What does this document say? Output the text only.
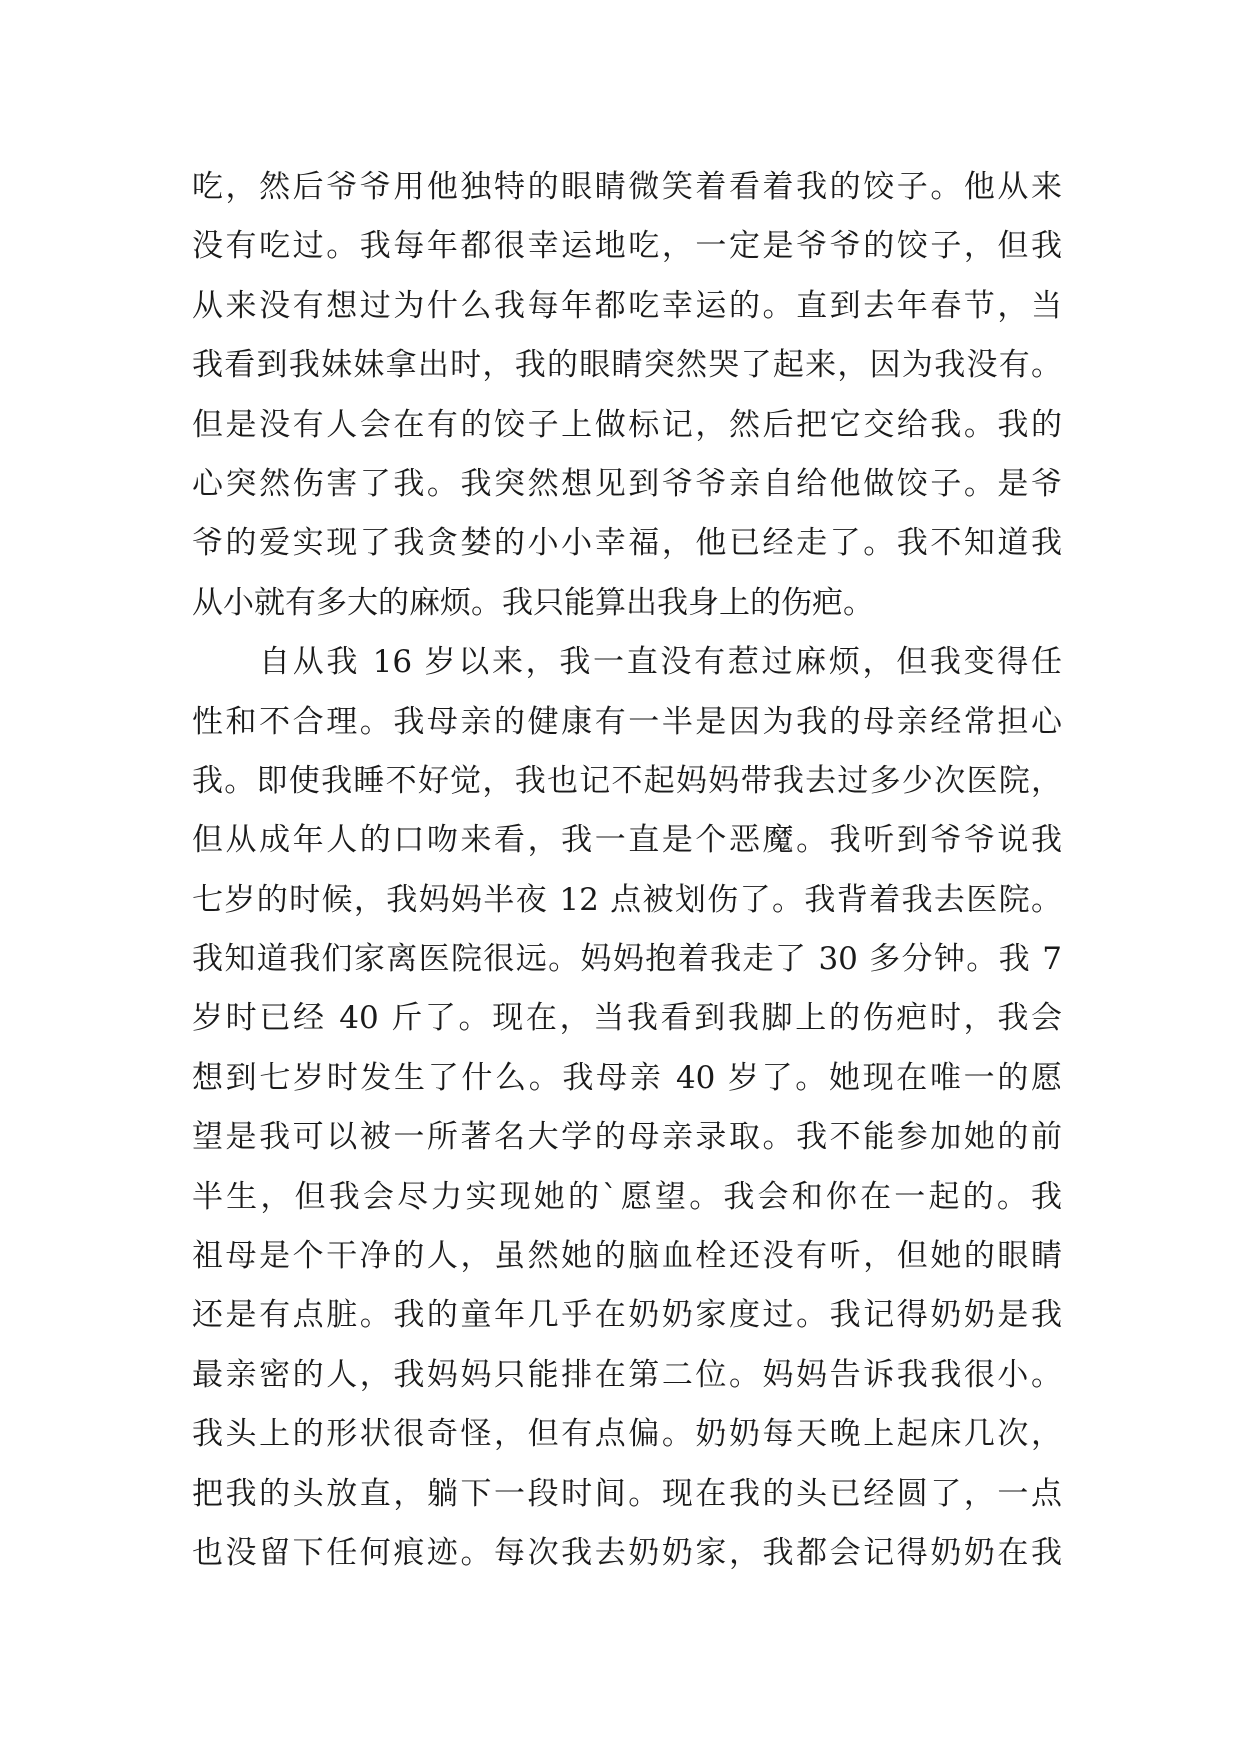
吃，然后爷爷用他独特的眼睛微笑着看着我的饺子。他从来
没有吃过。我每年都很幸运地吃，一定是爷爷的饺子，但我
从来没有想过为什么我每年都吃幸运的。直到去年春节，当
我看到我妹妹拿出时，我的眼睛突然哭了起来，因为我没有。
但是没有人会在有的饺子上做标记，然后把它交给我。我的
心突然伤害了我。我突然想见到爷爷亲自给他做饺子。是爷
爷的爱实现了我贪婪的小小幸福，他已经走了。我不知道我
从小就有多大的麻烦。我只能算出我身上的伤疤。
自从我 16 岁以来，我一直没有惹过麻烦，但我变得任
性和不合理。我母亲的健康有一半是因为我的母亲经常担心
我。即使我睡不好觉，我也记不起妈妈带我去过多少次医院，
但从成年人的口吻来看，我一直是个恶魔。我听到爷爷说我
七岁的时候，我妈妈半夜 12 点被划伤了。我背着我去医院。
我知道我们家离医院很远。妈妈抱着我走了 30 多分钟。我 7
岁时已经 40 斤了。现在，当我看到我脚上的伤疤时，我会
想到七岁时发生了什么。我母亲 40 岁了。她现在唯一的愿
望是我可以被一所著名大学的母亲录取。我不能参加她的前
半生，但我会尽力实现她的`愿望。我会和你在一起的。我
祖母是个干净的人，虽然她的脑血栓还没有听，但她的眼睛
还是有点脏。我的童年几乎在奶奶家度过。我记得奶奶是我
最亲密的人，我妈妈只能排在第二位。妈妈告诉我我很小。
我头上的形状很奇怪，但有点偏。奶奶每天晚上起床几次，
把我的头放直，躺下一段时间。现在我的头已经圆了，一点
也没留下任何痕迹。每次我去奶奶家，我都会记得奶奶在我
